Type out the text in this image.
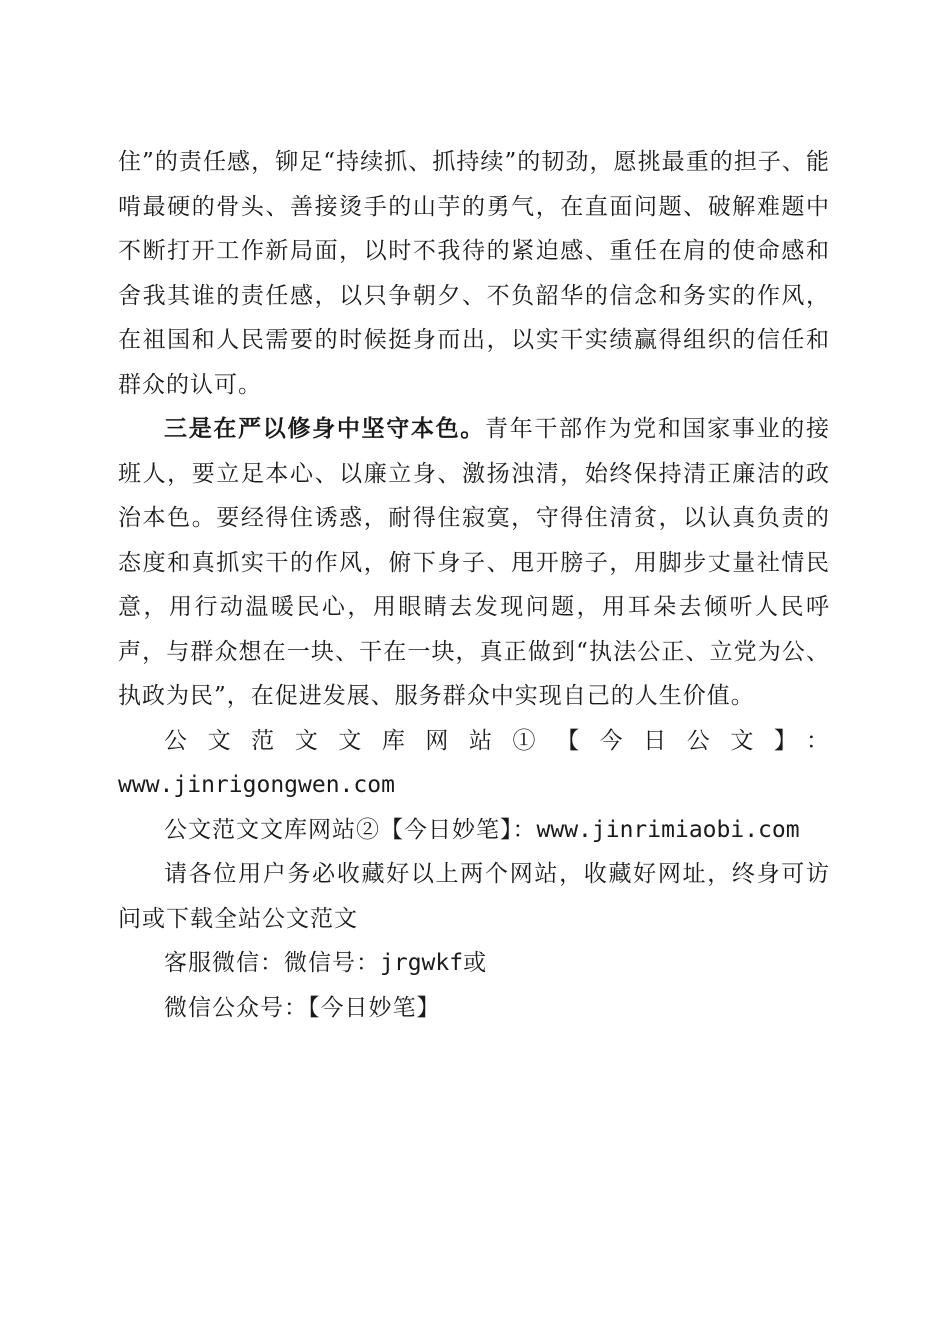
住”的责任感，铆足“持续抓、抓持续”的韧劲，愿挑最重的担子、能啃最硬的骨头、善接烫手的山芋的勇气，在直面问题、破解难题中不断打开工作新局面，以时不我待的紧迫感、重任在肩的使命感和舍我其谁的责任感，以只争朝夕、不负韶华的信念和务实的作风，在祖国和人民需要的时候挺身而出，以实干实绩赢得组织的信任和群众的认可。

三是在严以修身中坚守本色。青年干部作为党和国家事业的接班人，要立足本心、以廉立身、激扬浊清，始终保持清正廉洁的政治本色。要经得住诱惑，耐得住寂寞，守得住清贫，以认真负责的态度和真抓实干的作风，俯下身子、甩开膀子，用脚步丈量社情民意，用行动温暖民心，用眼睛去发现问题，用耳朵去倾听人民呼声，与群众想在一块、干在一块，真正做到“执法公正、立党为公、执政为民”，在促进发展、服务群众中实现自己的人生价值。

公文范文文库网站①【今日公文】：

www.jinrigongwen.com

公文范文文库网站②【今日妙笔】：www.jinrimiaobi.com

请各位用户务必收藏好以上两个网站，收藏好网址，终身可访问或下载全站公文范文

客服微信：微信号：jrgwkf或

微信公众号：【今日妙笔】
